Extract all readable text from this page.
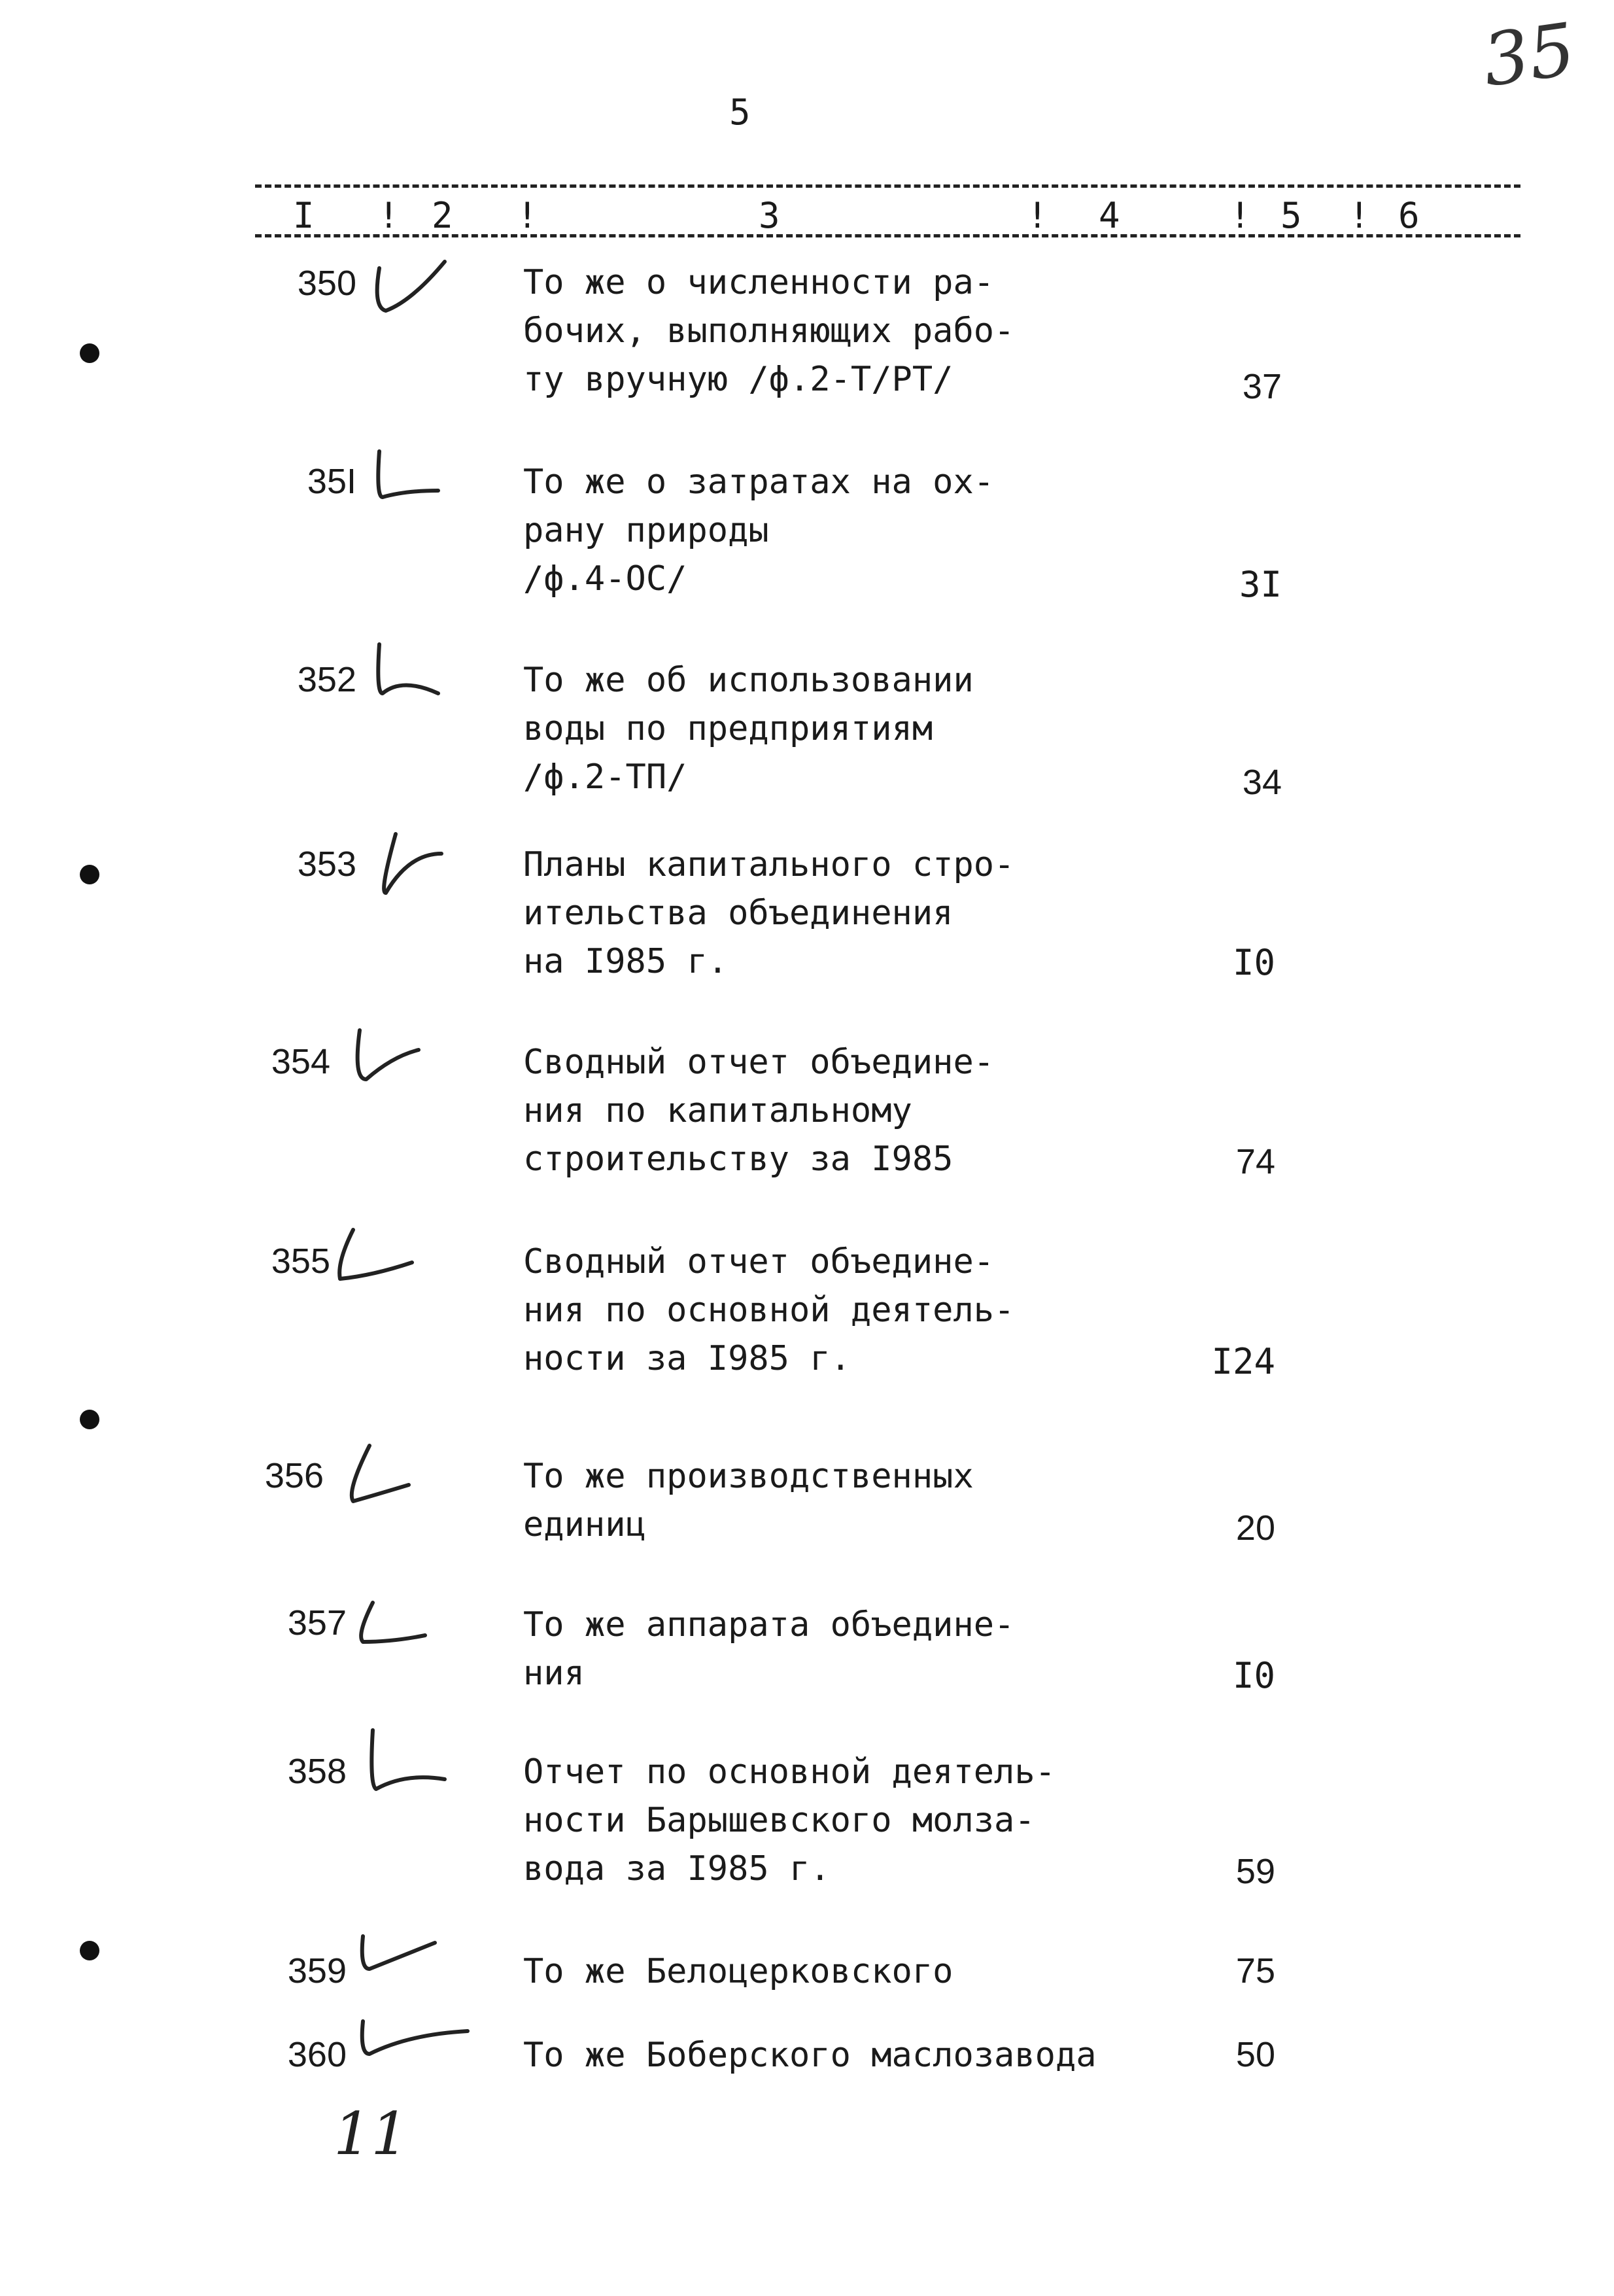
5
35
I ! 2 !	3	! 4	! 5 ! 6
350	То же о численности ра-
бочих, выполняющих рабо-
ту вручную /ф.2-Т/РТ/	37
35I	То же о затратах на ох-
рану природы
/ф.4-ОС/	3I
352	То же об использовании
воды по предприятиям
/ф.2-ТП/	34
353	Планы капитального стро-
ительства объединения
на I985 г.	I0
354	Сводный отчет объедине-
ния по капитальному
строительству за I985	74
355	Сводный отчет объедине-
ния по основной деятель-
ности за I985 г.	I24
356	То же производственных
единиц	20
357	То же аппарата объедине-
ния	I0
358	Отчет по основной деятель-
ности Барышевского молза-
вода за I985 г.	59
359	То же Белоцерковского	75
360	То же Боберского маслозавода	50
11
